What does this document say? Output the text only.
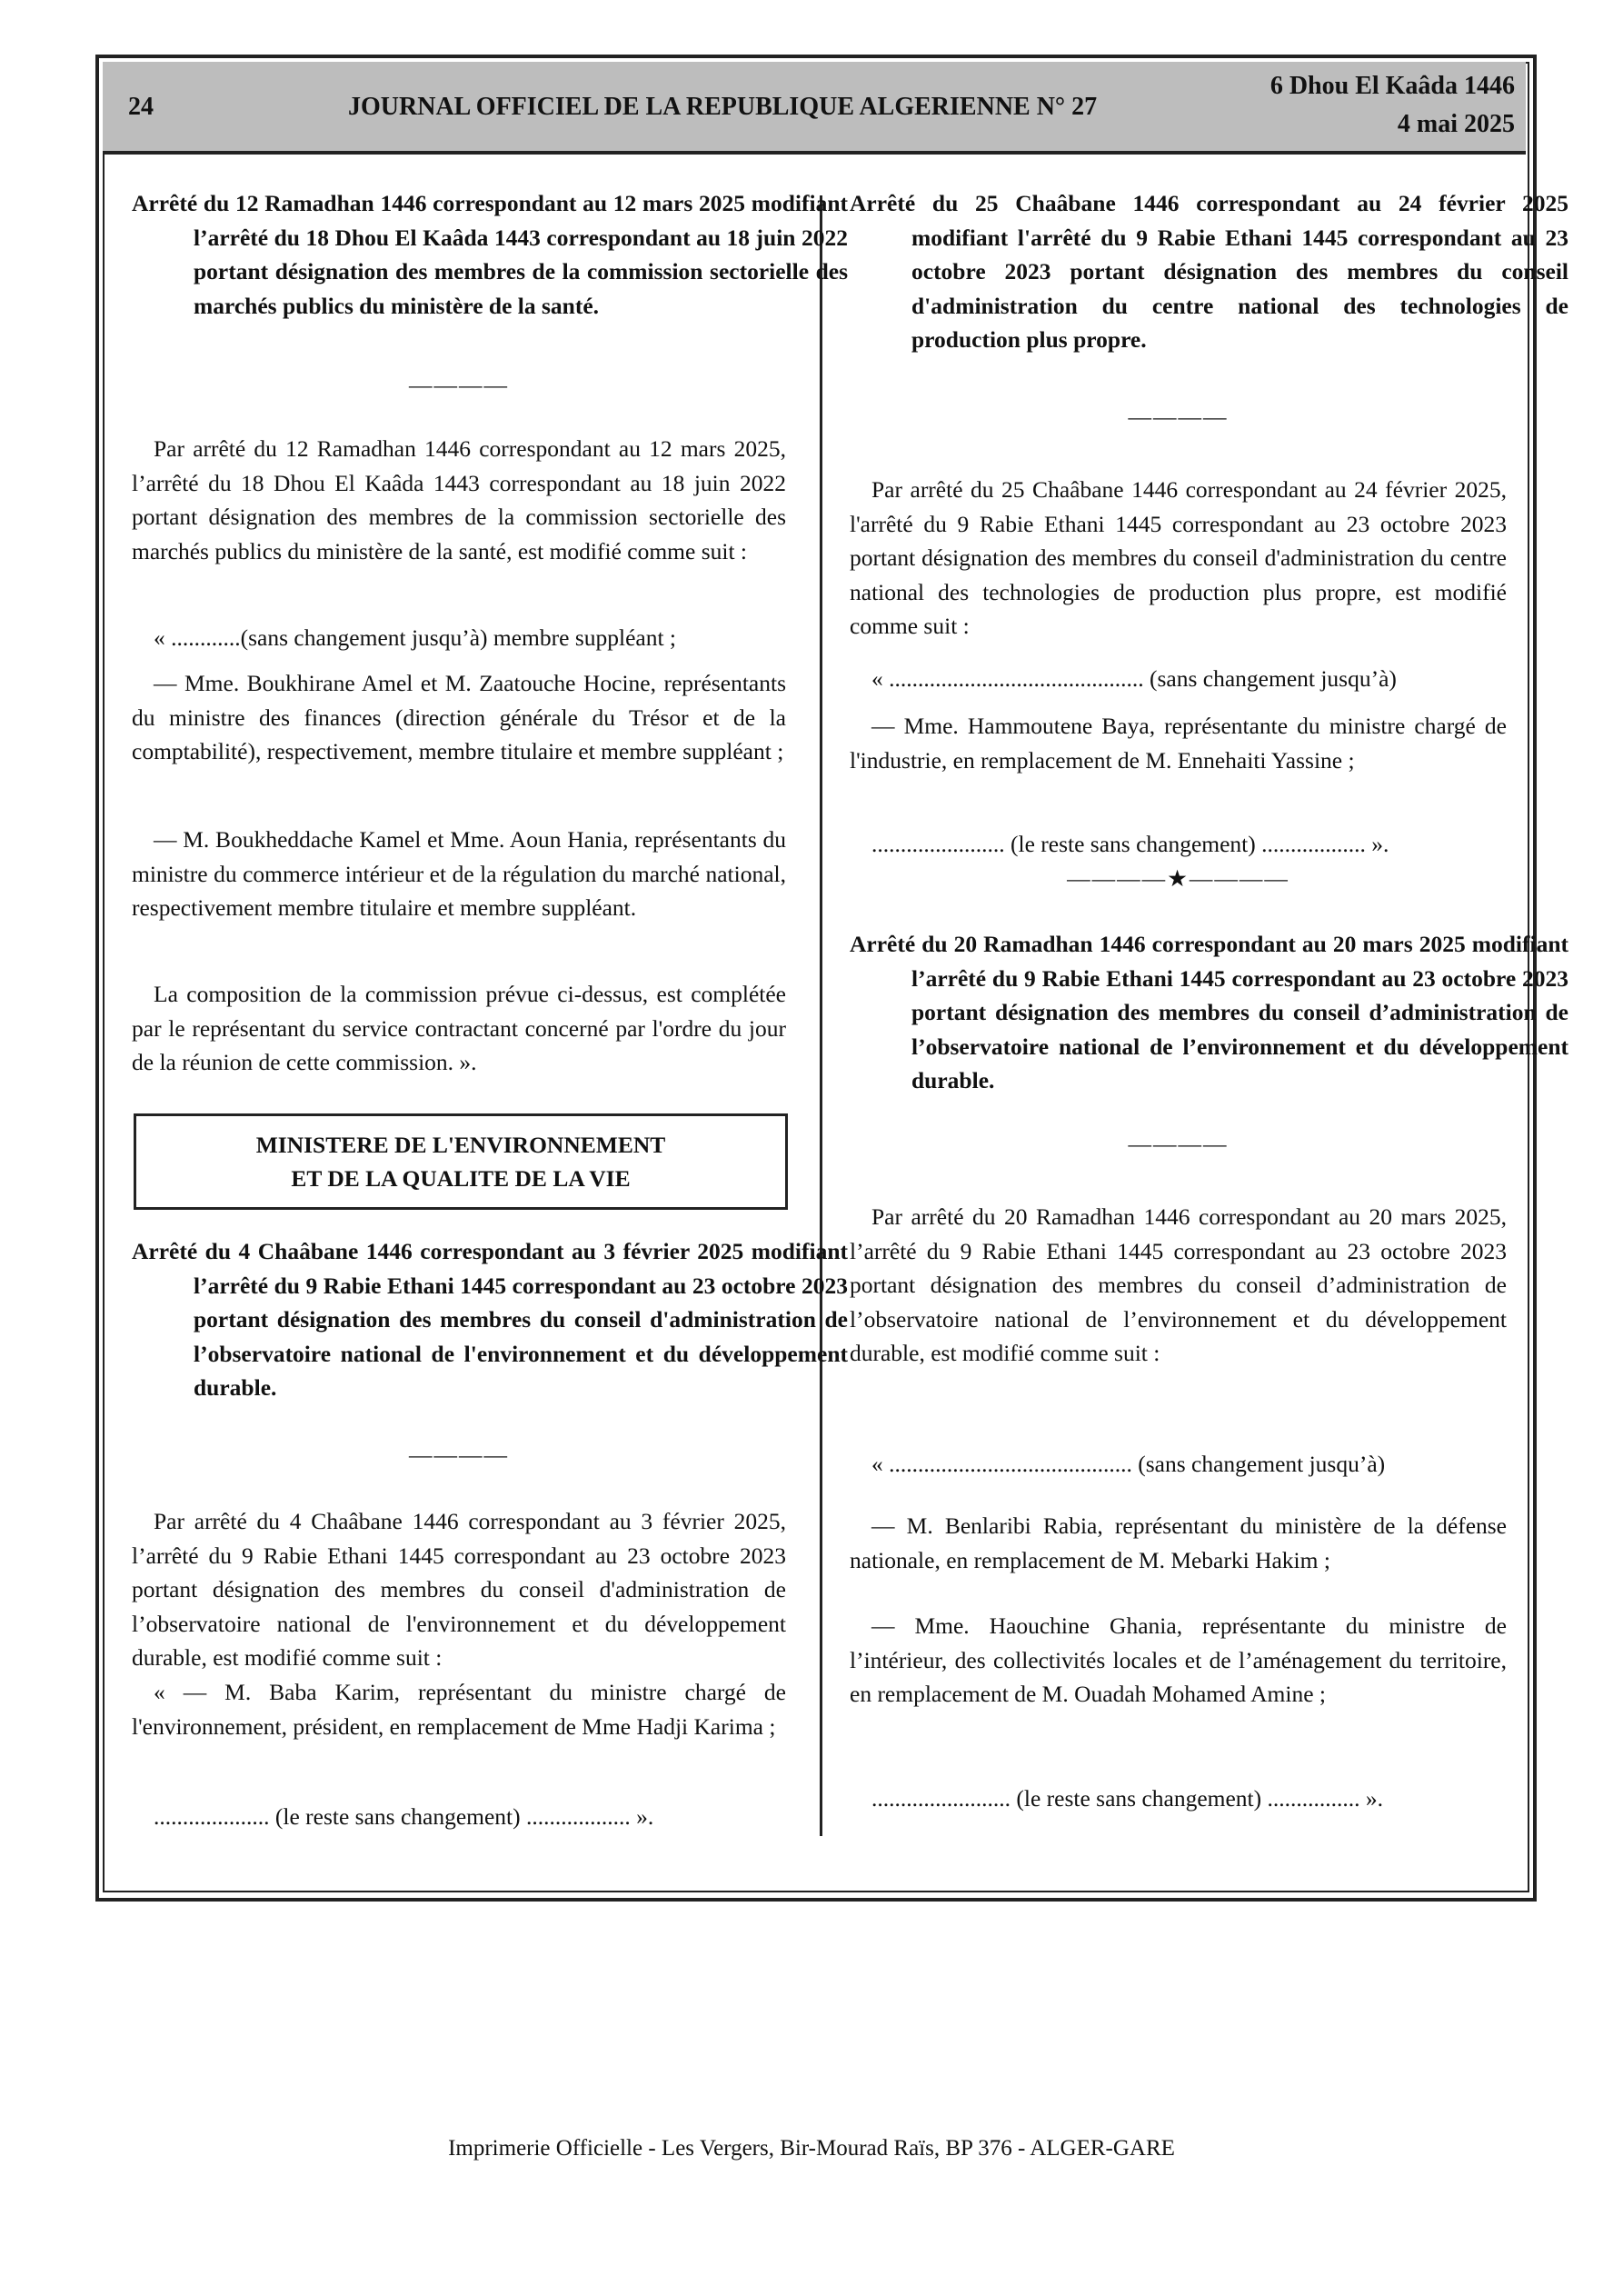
24	JOURNAL OFFICIEL DE LA REPUBLIQUE ALGERIENNE N° 27
6 Dhou El Kaâda 1446
4 mai 2025
Arrêté du 12 Ramadhan 1446 correspondant au 12 mars 2025 modifiant l’arrêté du 18 Dhou El Kaâda 1443 correspondant au 18 juin 2022 portant désignation des membres de la commission sectorielle des marchés publics du ministère de la santé.
————
Par arrêté du 12 Ramadhan 1446 correspondant au 12 mars 2025, l’arrêté du 18 Dhou El Kaâda 1443 correspondant au 18 juin 2022 portant désignation des membres de la commission sectorielle des marchés publics du ministère de la santé, est modifié comme suit :
« ............(sans changement jusqu’à) membre suppléant ;
— Mme. Boukhirane Amel et M. Zaatouche Hocine, représentants du ministre des finances (direction générale du Trésor et de la comptabilité), respectivement, membre titulaire et membre suppléant ;
— M. Boukheddache Kamel et Mme. Aoun Hania, représentants du ministre du commerce intérieur et de la régulation du marché national, respectivement membre titulaire et membre suppléant.
La composition de la commission prévue ci-dessus, est complétée par le représentant du service contractant concerné par l'ordre du jour de la réunion de cette commission. ».
MINISTERE DE L'ENVIRONNEMENT
ET DE LA QUALITE DE LA VIE
Arrêté du 4 Chaâbane 1446 correspondant au 3 février 2025 modifiant l’arrêté du 9 Rabie Ethani 1445 correspondant au 23 octobre 2023 portant désignation des membres du conseil d'administration de l’observatoire national de l'environnement et du développement durable.
————
Par arrêté du 4 Chaâbane 1446 correspondant au 3 février 2025, l’arrêté du 9 Rabie Ethani 1445 correspondant au 23 octobre 2023 portant désignation des membres du conseil d'administration de l’observatoire national de l'environnement et du développement durable, est modifié comme suit :
« — M. Baba Karim, représentant du ministre chargé de l'environnement, président, en remplacement de Mme Hadji Karima ;
.................... (le reste sans changement) .................. ».
Arrêté du 25 Chaâbane 1446 correspondant au 24 février 2025 modifiant l'arrêté du 9 Rabie Ethani 1445 correspondant au 23 octobre 2023 portant désignation des membres du conseil d'administration du centre national des technologies de production plus propre.
————
Par arrêté du 25 Chaâbane 1446 correspondant au 24 février 2025, l'arrêté du 9 Rabie Ethani 1445 correspondant au 23 octobre 2023 portant désignation des membres du conseil d'administration du centre national des technologies de production plus propre, est modifié comme suit :
« ............................................ (sans changement jusqu’à)
— Mme. Hammoutene Baya, représentante du ministre chargé de l'industrie, en remplacement de M. Ennehaiti Yassine ;
....................... (le reste sans changement) .................. ».
————★————
Arrêté du 20 Ramadhan 1446 correspondant au 20 mars 2025 modifiant l’arrêté du 9 Rabie Ethani 1445 correspondant au 23 octobre 2023 portant désignation des membres du conseil d’administration de l’observatoire national de l’environnement et du développement durable.
————
Par arrêté du 20 Ramadhan 1446 correspondant au 20 mars 2025, l’arrêté du 9 Rabie Ethani 1445 correspondant au 23 octobre 2023 portant désignation des membres du conseil d’administration de l’observatoire national de l’environnement et du développement durable, est modifié comme suit :
« .......................................... (sans changement jusqu’à)
— M. Benlaribi Rabia, représentant du ministère de la défense nationale, en remplacement de M. Mebarki Hakim ;
— Mme. Haouchine Ghania, représentante du ministre de l’intérieur, des collectivités locales et de l’aménagement du territoire, en remplacement de M. Ouadah Mohamed Amine ;
........................ (le reste sans changement) ................ ».
Imprimerie Officielle - Les Vergers, Bir-Mourad Raïs, BP 376 - ALGER-GARE
